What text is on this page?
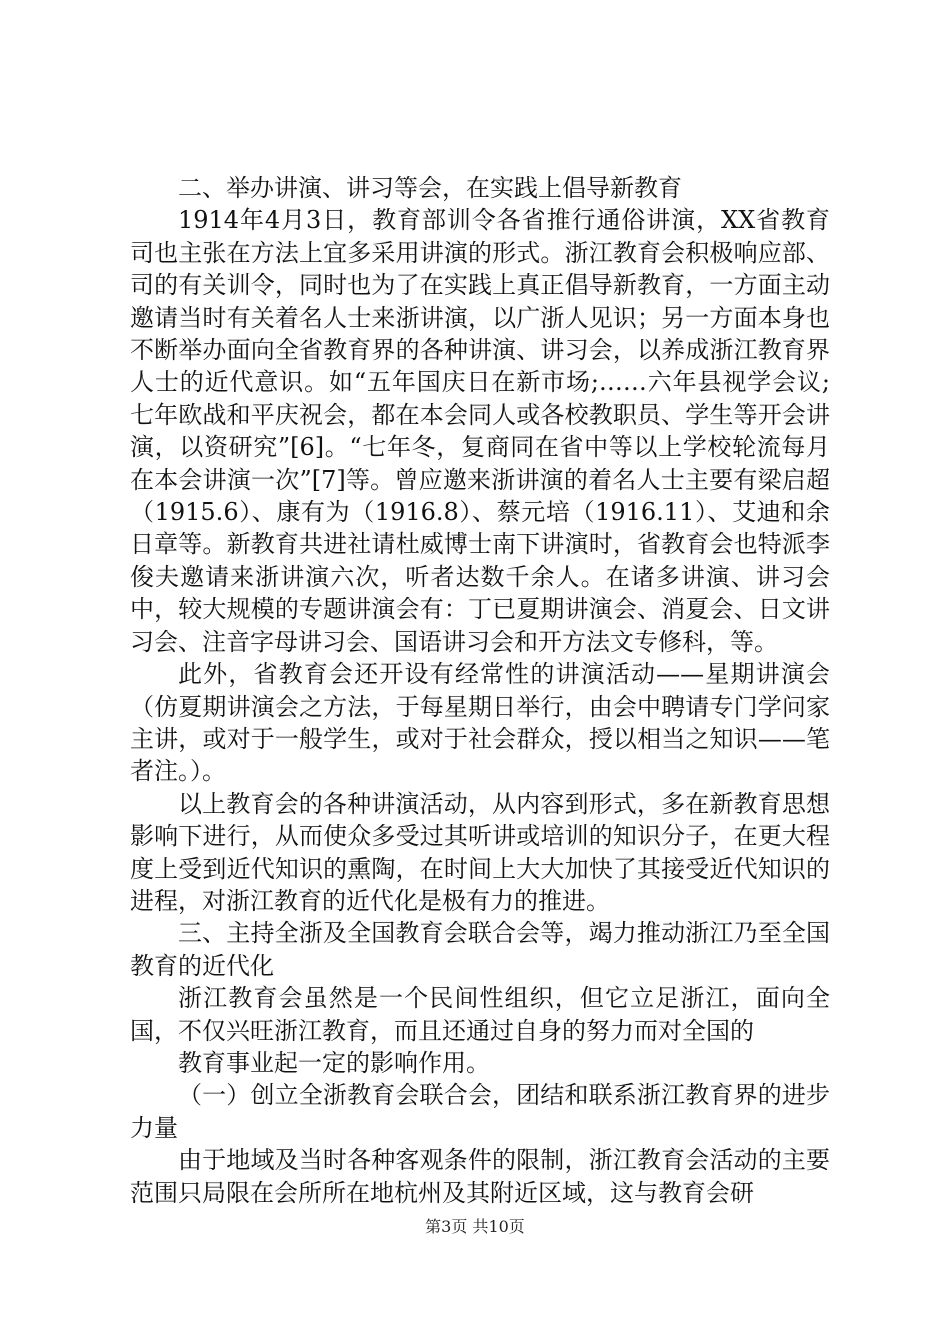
二、举办讲演、讲习等会，在实践上倡导新教育

1914年4月3日，教育部训令各省推行通俗讲演，XX省教育司也主张在方法上宜多采用讲演的形式。浙江教育会积极响应部、司的有关训令，同时也为了在实践上真正倡导新教育，一方面主动邀请当时有关着名人士来浙讲演，以广浙人见识；另一方面本身也不断举办面向全省教育界的各种讲演、讲习会，以养成浙江教育界人士的近代意识。如“五年国庆日在新市场;……六年县视学会议;七年欧战和平庆祝会，都在本会同人或各校教职员、学生等开会讲演，以资研究”[6]。“七年冬，复商同在省中等以上学校轮流每月在本会讲演一次”[7]等。曾应邀来浙讲演的着名人士主要有梁启超（1915.6）、康有为（1916.8）、蔡元培（1916.11）、艾迪和余日章等。新教育共进社请杜威博士南下讲演时，省教育会也特派李俊夫邀请来浙讲演六次，听者达数千余人。在诸多讲演、讲习会中，较大规模的专题讲演会有：丁已夏期讲演会、消夏会、日文讲习会、注音字母讲习会、国语讲习会和开方法文专修科，等。

此外，省教育会还开设有经常性的讲演活动——星期讲演会（仿夏期讲演会之方法，于每星期日举行，由会中聘请专门学问家主讲，或对于一般学生，或对于社会群众，授以相当之知识——笔者注。）。

以上教育会的各种讲演活动，从内容到形式，多在新教育思想影响下进行，从而使众多受过其听讲或培训的知识分子，在更大程度上受到近代知识的熏陶，在时间上大大加快了其接受近代知识的进程，对浙江教育的近代化是极有力的推进。

三、主持全浙及全国教育会联合会等，竭力推动浙江乃至全国教育的近代化

浙江教育会虽然是一个民间性组织，但它立足浙江，面向全国，不仅兴旺浙江教育，而且还通过自身的努力而对全国的

教育事业起一定的影响作用。

（一）创立全浙教育会联合会，团结和联系浙江教育界的进步力量

由于地域及当时各种客观条件的限制，浙江教育会活动的主要范围只局限在会所所在地杭州及其附近区域，这与教育会研

第3页 共10页
